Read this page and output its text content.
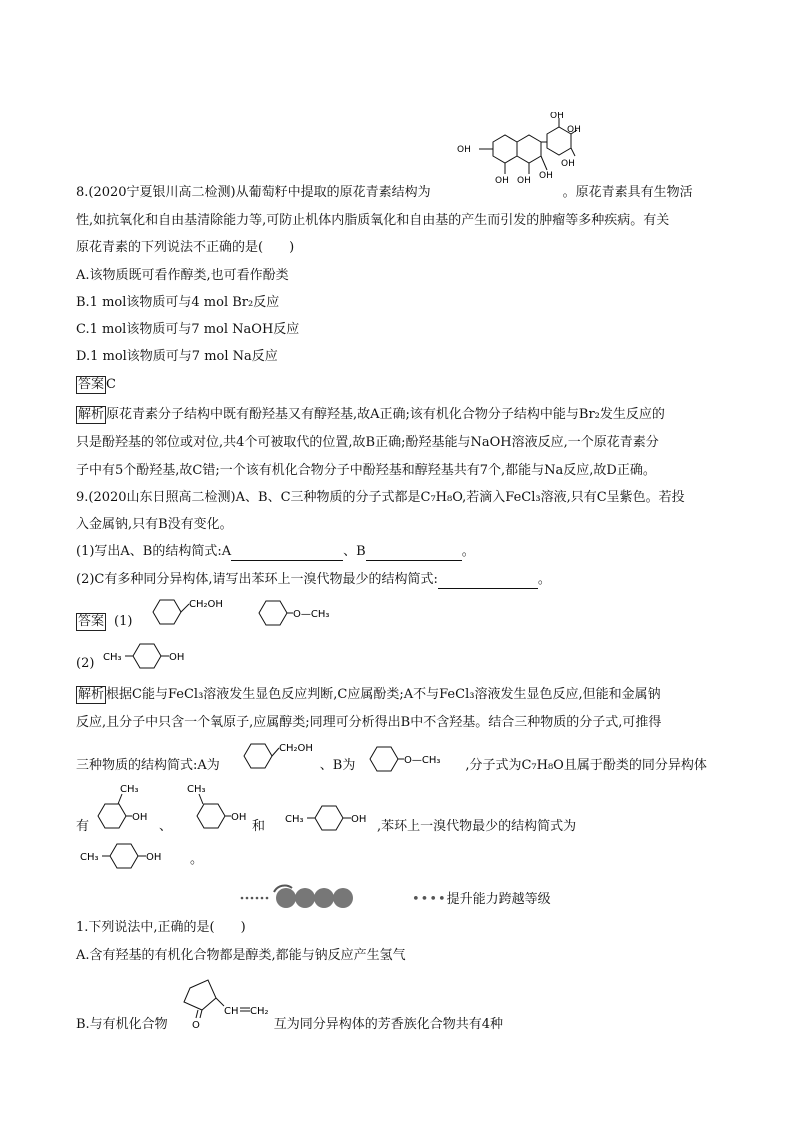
8.(2020宁夏银川高二检测)从葡萄籽中提取的原花青素结构为	。原花青素具有生物活
OH
OH OH OH
OH
OH
OH
性,如抗氧化和自由基清除能力等,可防止机体内脂质氧化和自由基的产生而引发的肿瘤等多种疾病。有关
原花青素的下列说法不正确的是(　　)
A.该物质既可看作醇类,也可看作酚类
B.1 mol该物质可与4 mol Br₂反应
C.1 mol该物质可与7 mol NaOH反应
D.1 mol该物质可与7 mol Na反应
答案 C
解析 原花青素分子结构中既有酚羟基又有醇羟基,故A正确;该有机化合物分子结构中能与Br₂发生反应的
只是酚羟基的邻位或对位,共4个可被取代的位置,故B正确;酚羟基能与NaOH溶液反应,一个原花青素分
子中有5个酚羟基,故C错;一个该有机化合物分子中酚羟基和醇羟基共有7个,都能与Na反应,故D正确。
9.(2020山东日照高二检测)A、B、C三种物质的分子式都是C₇H₈O,若滴入FeCl₃溶液,只有C呈紫色。若投
入金属钠,只有B没有变化。
(1)写出A、B的结构简式:A	、B	。
(2)C有多种同分异构体,请写出苯环上一溴代物最少的结构简式:	。
答案 (1)
CH₂OH
O—CH₃
(2) CH₃	OH
解析 根据C能与FeCl₃溶液发生显色反应判断,C应属酚类;A不与FeCl₃溶液发生显色反应,但能和金属钠
反应,且分子中只含一个氧原子,应属醇类;同理可分析得出B中不含羟基。结合三种物质的分子式,可推得
三种物质的结构简式:A为	、B为	,分子式为C₇H₈O且属于酚类的同分异构体
CH₂OH
O—CH₃
有	、	和	,苯环上一溴代物最少的结构简式为
CH₃
OH
CH₃
OH	CH₃	OH
CH₃	OH 。
••••提升能力跨越等级
1.下列说法中,正确的是(　　)
A.含有羟基的有机化合物都是醇类,都能与钠反应产生氢气
B.与有机化合物	互为同分异构体的芳香族化合物共有4种
CH CH₂
O
